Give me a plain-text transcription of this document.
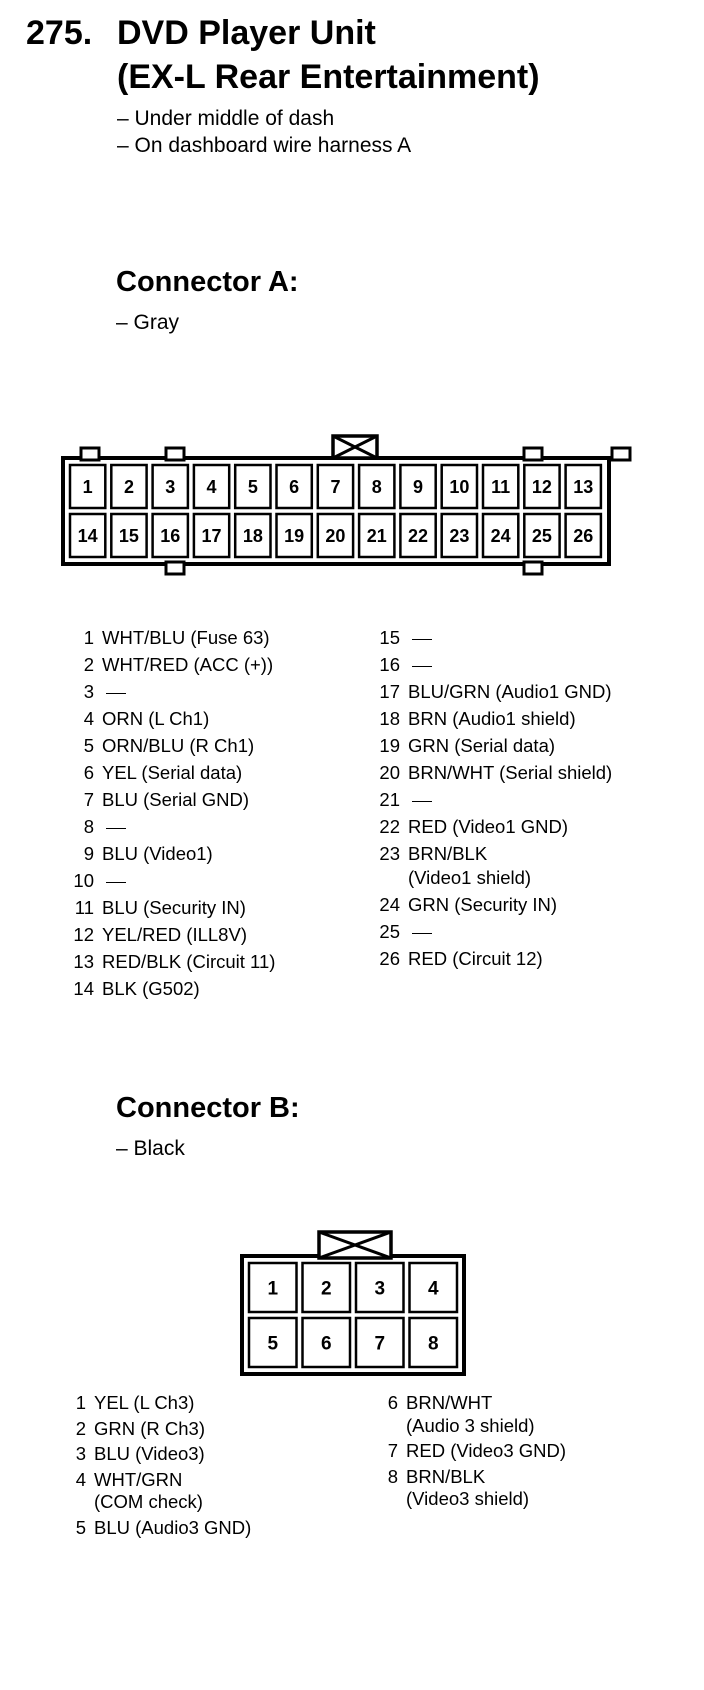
275. DVD Player Unit
(EX-L Rear Entertainment)
– Under middle of dash
– On dashboard wire harness A
Connector A:
– Gray
1 2 3 4 5 6 7 8 9 10 11 12 13
14 15 16 17 18 19 20 21 22 23 24 25 26
1 WHT/BLU (Fuse 63)
2 WHT/RED (ACC (+))
3
4 ORN (L Ch1)
5 ORN/BLU (R Ch1)
6 YEL (Serial data)
7 BLU (Serial GND)
8
9 BLU (Video1)
10
11 BLU (Security IN)
12 YEL/RED (ILL8V)
13 RED/BLK (Circuit 11)
14 BLK (G502)
15
16
17 BLU/GRN (Audio1 GND)
18 BRN (Audio1 shield)
19 GRN (Serial data)
20 BRN/WHT (Serial shield)
21
22 RED (Video1 GND)
23 BRN/BLK
(Video1 shield)
24 GRN (Security IN)
25
26 RED (Circuit 12)
Connector B:
– Black
1 2 3 4
5 6 7 8
1 YEL (L Ch3)
2 GRN (R Ch3)
3 BLU (Video3)
4 WHT/GRN
(COM check)
5 BLU (Audio3 GND)
6 BRN/WHT
(Audio 3 shield)
7 RED (Video3 GND)
8 BRN/BLK
(Video3 shield)
